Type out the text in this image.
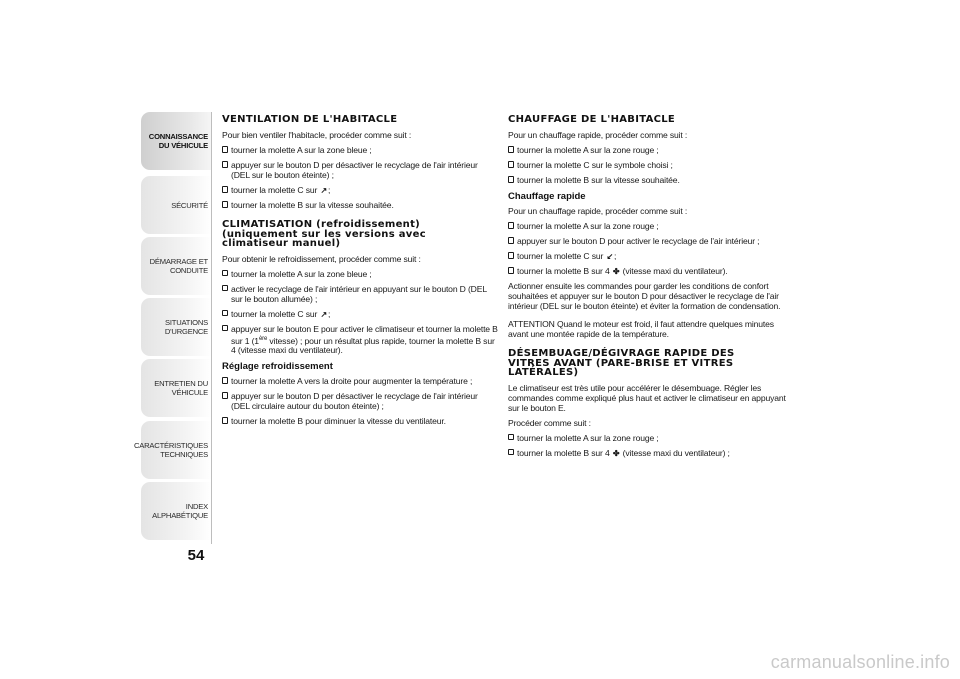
CONNAISSANCE
DU VÉHICULE
SÉCURITÉ
DÉMARRAGE ET
CONDUITE
SITUATIONS
D'URGENCE
ENTRETIEN DU
VÉHICULE
CARACTÉRISTIQUES
TECHNIQUES
INDEX
ALPHABÉTIQUE
54
VENTILATION DE L'HABITACLE

Pour bien ventiler l'habitacle, procéder comme suit :

tourner la molette A sur la zone bleue ;
appuyer sur le bouton D per désactiver le recyclage de l'air intérieur (DEL sur le bouton éteinte) ;
tourner la molette C sur ↗;
tourner la molette B sur la vitesse souhaitée.
CLIMATISATION (refroidissement)
(uniquement sur les versions avec
climatiseur manuel)

Pour obtenir le refroidissement, procéder comme suit :

tourner la molette A sur la zone bleue ;
activer le recyclage de l'air intérieur en appuyant sur le bouton D (DEL sur le bouton allumée) ;
tourner la molette C sur ↗;
appuyer sur le bouton E pour activer le climatiseur et tourner la molette B sur 1 (1ère vitesse) ; pour un résultat plus rapide, tourner la molette B sur 4 (vitesse maxi du ventilateur).
Réglage refroidissement
tourner la molette A vers la droite pour augmenter la température ;
appuyer sur le bouton D per désactiver le recyclage de l'air intérieur (DEL circulaire autour du bouton éteinte) ;
tourner la molette B pour diminuer la vitesse du ventilateur.
CHAUFFAGE DE L'HABITACLE

Pour un chauffage rapide, procéder comme suit :

tourner la molette A sur la zone rouge ;
tourner la molette C sur le symbole choisi ;
tourner la molette B sur la vitesse souhaitée.
Chauffage rapide

Pour un chauffage rapide, procéder comme suit :

tourner la molette A sur la zone rouge ;
appuyer sur le bouton D pour activer le recyclage de l'air intérieur ;
tourner la molette C sur ↙;
tourner la molette B sur 4 ✤ (vitesse maxi du ventilateur).

Actionner ensuite les commandes pour garder les conditions de confort souhaitées et appuyer sur le bouton D pour désactiver le recyclage de l'air intérieur (DEL sur le bouton éteinte) et éviter la formation de condensation.

ATTENTION Quand le moteur est froid, il faut attendre quelques minutes avant une montée rapide de la température.

DÉSEMBUAGE/DÉGIVRAGE RAPIDE DES
VITRES AVANT (PARE-BRISE ET VITRES
LATÉRALES)

Le climatiseur est très utile pour accélérer le désembuage. Régler les commandes comme expliqué plus haut et activer le climatiseur en appuyant sur le bouton E.

Procéder comme suit :

tourner la molette A sur la zone rouge ;
tourner la molette B sur 4 ✤ (vitesse maxi du ventilateur) ;
carmanualsonline.info
